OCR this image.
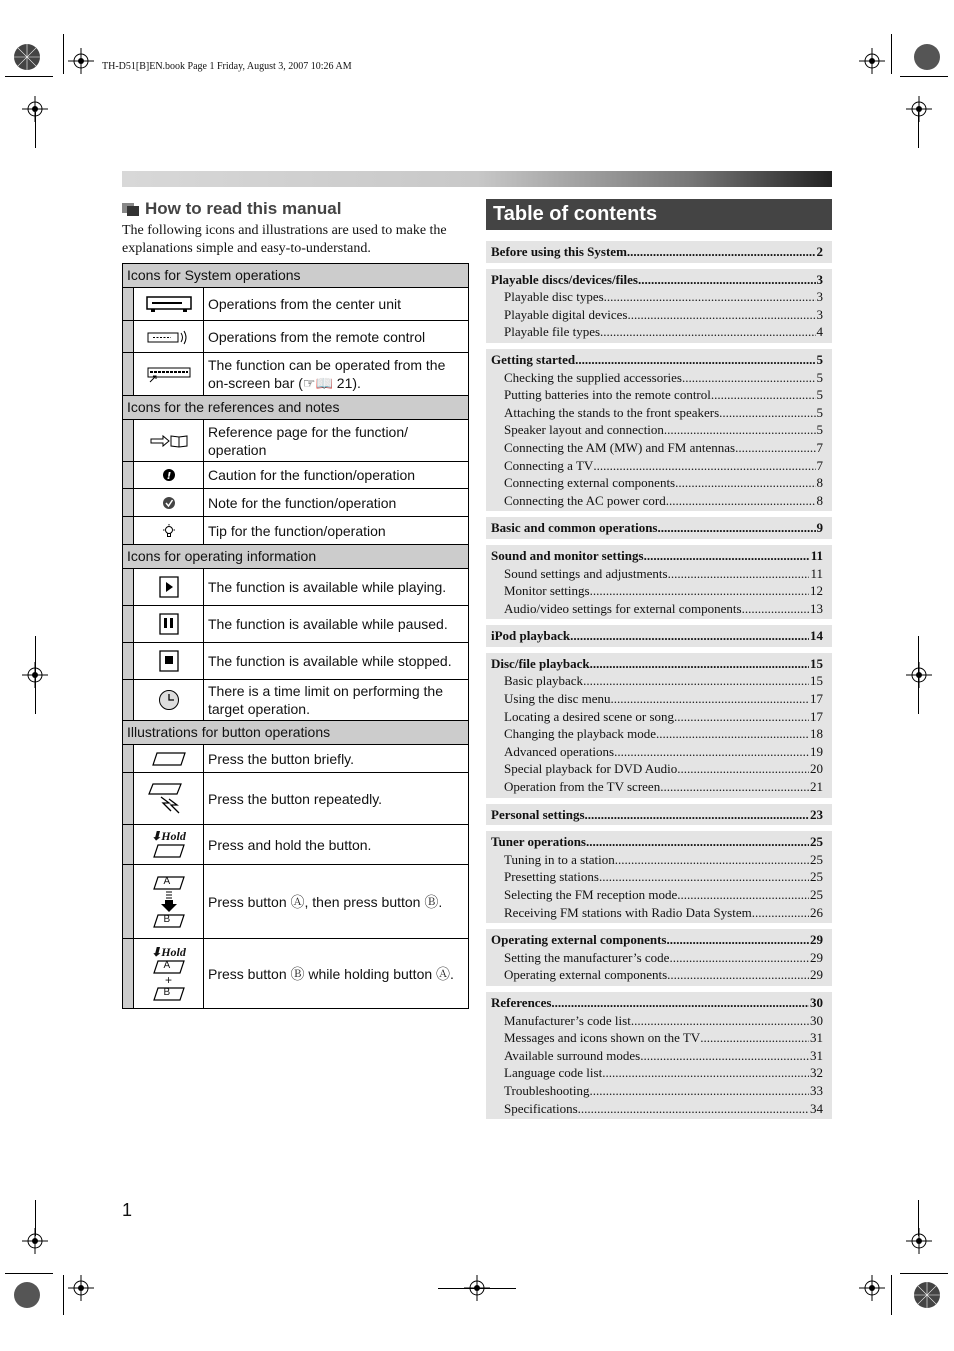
TH-D51[B]EN.book Page 1 Friday, August 3, 2007 10:26 AM
How to read this manual

The following icons and illustrations are used to make the explanations simple and easy-to-understand.

Icons for System operations
Operations from the center unit
Operations from the remote control
The function can be operated from the on-screen bar (☞📖 21).
Icons for the references and notes
Reference page for the function/ operation
!	Caution for the function/operation
Note for the function/operation
Tip for the function/operation
Icons for operating information
The function is available while playing.
The function is available while paused.
The function is available while stopped.
There is a time limit on performing the target operation.
Illustrations for button operations
Press the button briefly.
Press the button repeatedly.
⬇Hold
Press and hold the button.
A
B
Press button Ⓐ, then press button Ⓑ.
⬇Hold
A
+
B
Press button Ⓑ while holding button Ⓐ.
Table of contents
Before using this System .....	2
Playable discs/devices/files .....	3
Playable disc types .....	3
Playable digital devices .....	3
Playable file types .....	4
Getting started .....	5
Checking the supplied accessories .....	5
Putting batteries into the remote control .....	5
Attaching the stands to the front speakers .....	5
Speaker layout and connection .....	5
Connecting the AM (MW) and FM antennas .....	7
Connecting a TV .....	7
Connecting external components .....	8
Connecting the AC power cord .....	8
Basic and common operations .....	9
Sound and monitor settings .....	11
Sound settings and adjustments .....	11
Monitor settings .....	12
Audio/video settings for external components .....	13
iPod playback .....	14
Disc/file playback .....	15
Basic playback .....	15
Using the disc menu .....	17
Locating a desired scene or song .....	17
Changing the playback mode .....	18
Advanced operations .....	19
Special playback for DVD Audio .....	20
Operation from the TV screen .....	21
Personal settings .....	23
Tuner operations .....	25
Tuning in to a station .....	25
Presetting stations .....	25
Selecting the FM reception mode .....	25
Receiving FM stations with Radio Data System .....	26
Operating external components .....	29
Setting the manufacturer’s code .....	29
Operating external components .....	29
References .....	30
Manufacturer’s code list .....	30
Messages and icons shown on the TV .....	31
Available surround modes .....	31
Language code list .....	32
Troubleshooting .....	33
Specifications .....	34
1
